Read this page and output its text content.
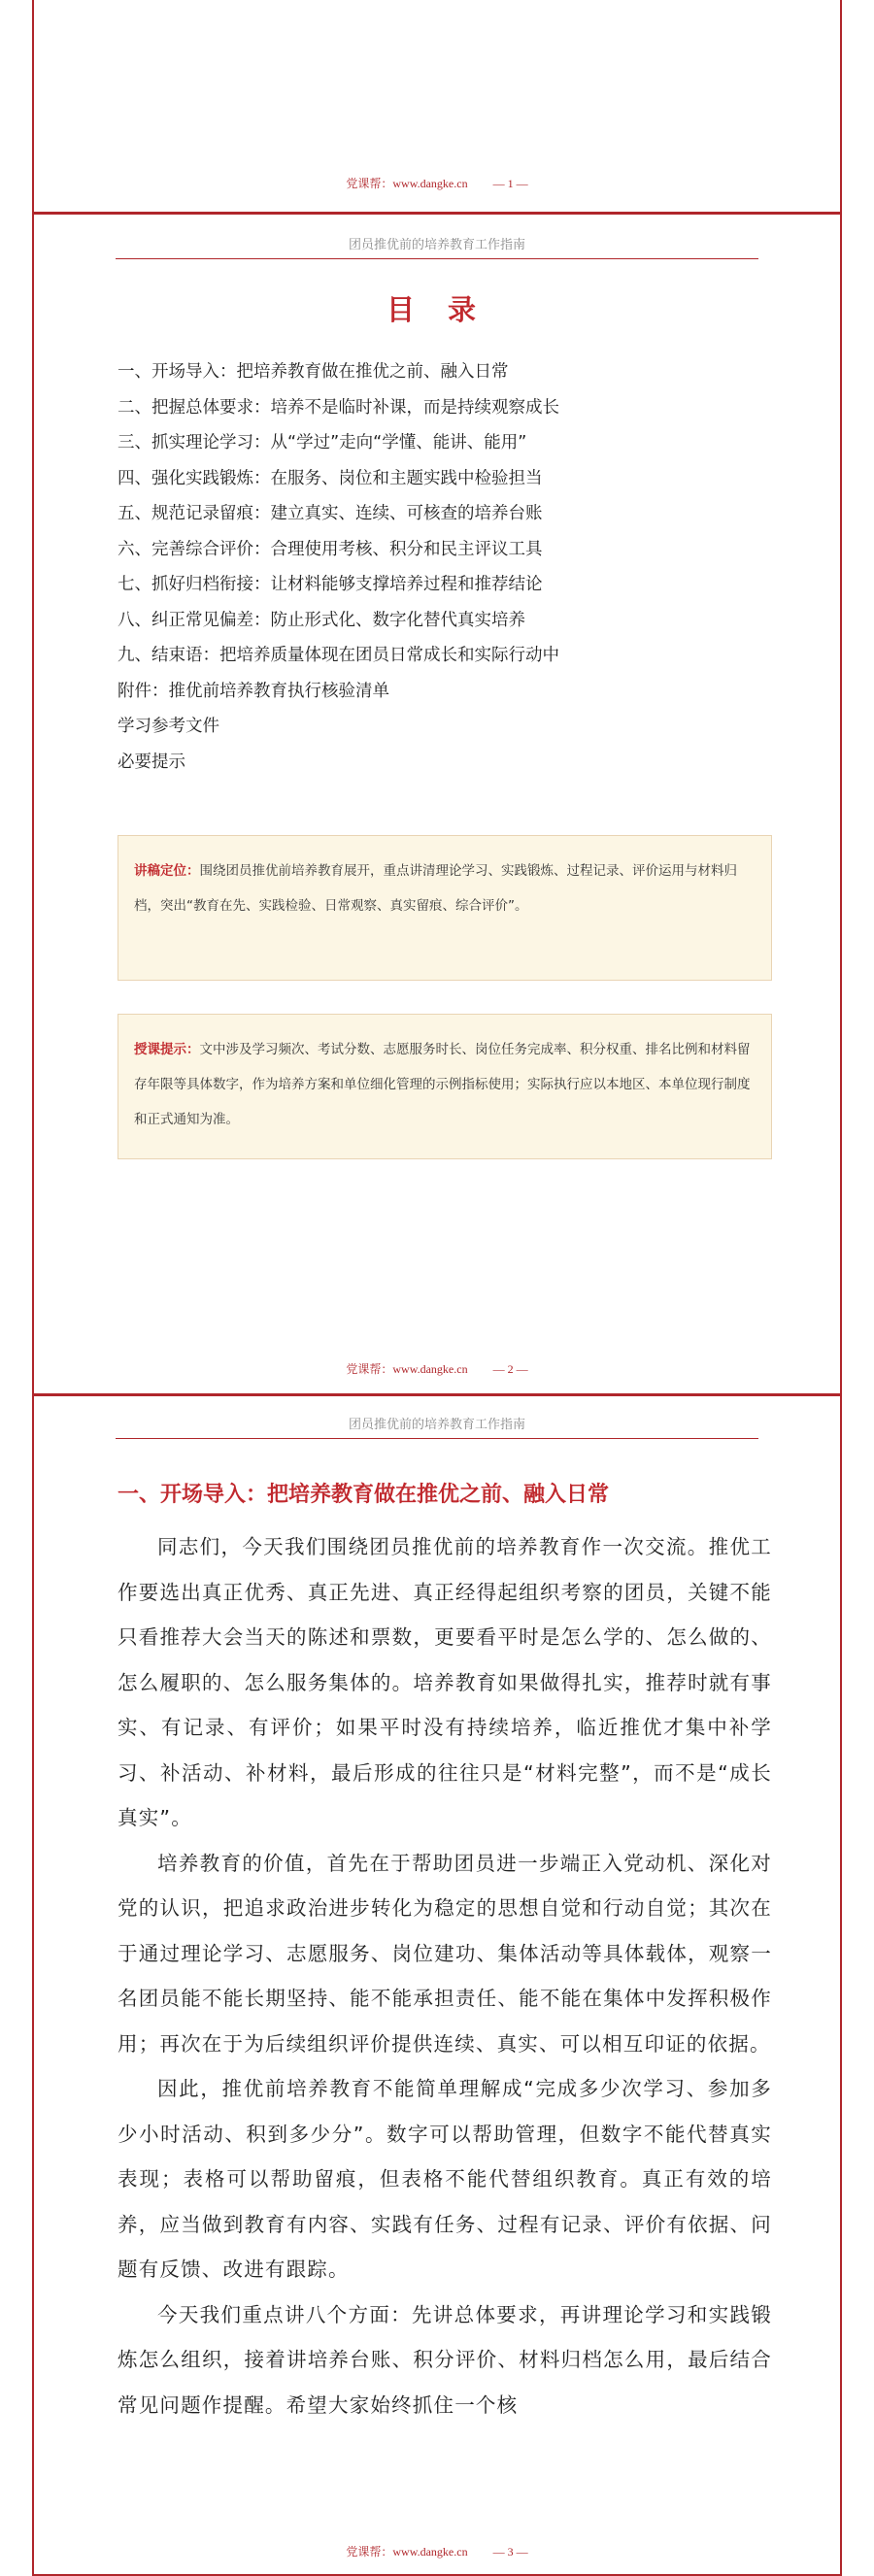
党课帮：www.dangke.cn — 1 —
团员推优前的培养教育工作指南
目 录
一、开场导入：把培养教育做在推优之前、融入日常
二、把握总体要求：培养不是临时补课，而是持续观察成长
三、抓实理论学习：从“学过”走向“学懂、能讲、能用”
四、强化实践锻炼：在服务、岗位和主题实践中检验担当
五、规范记录留痕：建立真实、连续、可核查的培养台账
六、完善综合评价：合理使用考核、积分和民主评议工具
七、抓好归档衔接：让材料能够支撑培养过程和推荐结论
八、纠正常见偏差：防止形式化、数字化替代真实培养
九、结束语：把培养质量体现在团员日常成长和实际行动中
附件：推优前培养教育执行核验清单
学习参考文件
必要提示
讲稿定位：围绕团员推优前培养教育展开，重点讲清理论学习、实践锻炼、过程记录、评价运用与材料归档，突出“教育在先、实践检验、日常观察、真实留痕、综合评价”。
授课提示：文中涉及学习频次、考试分数、志愿服务时长、岗位任务完成率、积分权重、排名比例和材料留存年限等具体数字，作为培养方案和单位细化管理的示例指标使用；实际执行应以本地区、本单位现行制度和正式通知为准。
党课帮：www.dangke.cn — 2 —
团员推优前的培养教育工作指南
一、开场导入：把培养教育做在推优之前、融入日常

同志们，今天我们围绕团员推优前的培养教育作一次交流。推优工作要选出真正优秀、真正先进、真正经得起组织考察的团员，关键不能只看推荐大会当天的陈述和票数，更要看平时是怎么学的、怎么做的、怎么履职的、怎么服务集体的。培养教育如果做得扎实，推荐时就有事实、有记录、有评价；如果平时没有持续培养，临近推优才集中补学习、补活动、补材料，最后形成的往往只是“材料完整”，而不是“成长真实”。

培养教育的价值，首先在于帮助团员进一步端正入党动机、深化对党的认识，把追求政治进步转化为稳定的思想自觉和行动自觉；其次在于通过理论学习、志愿服务、岗位建功、集体活动等具体载体，观察一名团员能不能长期坚持、能不能承担责任、能不能在集体中发挥积极作用；再次在于为后续组织评价提供连续、真实、可以相互印证的依据。

因此，推优前培养教育不能简单理解成“完成多少次学习、参加多少小时活动、积到多少分”。数字可以帮助管理，但数字不能代替真实表现；表格可以帮助留痕，但表格不能代替组织教育。真正有效的培养，应当做到教育有内容、实践有任务、过程有记录、评价有依据、问题有反馈、改进有跟踪。

今天我们重点讲八个方面：先讲总体要求，再讲理论学习和实践锻炼怎么组织，接着讲培养台账、积分评价、材料归档怎么用，最后结合常见问题作提醒。希望大家始终抓住一个核

党课帮：www.dangke.cn — 3 —
